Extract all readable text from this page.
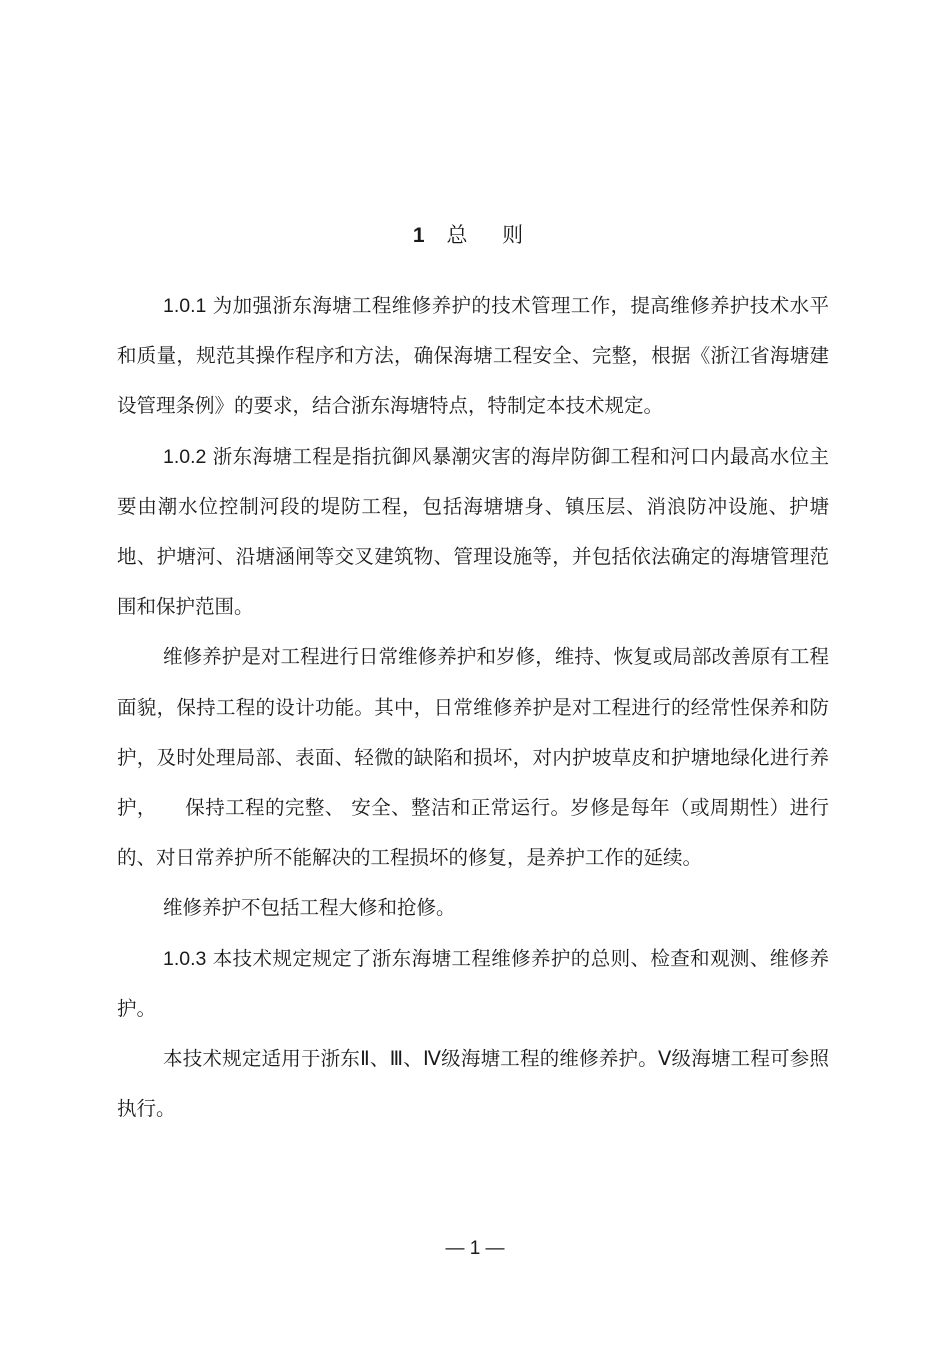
1 总 则

1.0.1 为加强浙东海塘工程维修养护的技术管理工作，提高维修养护技术水平和质量，规范其操作程序和方法，确保海塘工程安全、完整，根据《浙江省海塘建设管理条例》的要求，结合浙东海塘特点，特制定本技术规定。

1.0.2 浙东海塘工程是指抗御风暴潮灾害的海岸防御工程和河口内最高水位主要由潮水位控制河段的堤防工程，包括海塘塘身、镇压层、消浪防冲设施、护塘地、护塘河、沿塘涵闸等交叉建筑物、管理设施等，并包括依法确定的海塘管理范围和保护范围。

维修养护是对工程进行日常维修养护和岁修，维持、恢复或局部改善原有工程面貌，保持工程的设计功能。其中，日常维修养护是对工程进行的经常性保养和防护，及时处理局部、表面、轻微的缺陷和损坏，对内护坡草皮和护塘地绿化进行养护， 保持工程的完整、 安全、整洁和正常运行。岁修是每年（或周期性）进行的、对日常养护所不能解决的工程损坏的修复，是养护工作的延续。

维修养护不包括工程大修和抢修。

1.0.3 本技术规定规定了浙东海塘工程维修养护的总则、检查和观测、维修养护。

本技术规定适用于浙东Ⅱ、Ⅲ、Ⅳ级海塘工程的维修养护。Ⅴ级海塘工程可参照执行。

— 1 —
